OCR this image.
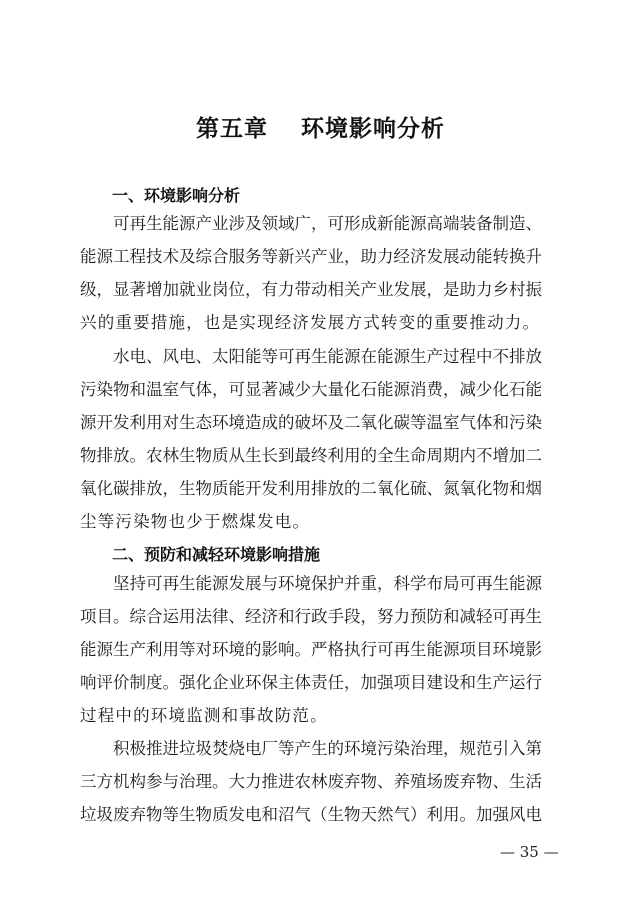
第五章　 环境影响分析
一、环境影响分析
可再生能源产业涉及领域广，可形成新能源高端装备制造、
能源工程技术及综合服务等新兴产业，助力经济发展动能转换升
级，显著增加就业岗位，有力带动相关产业发展，是助力乡村振
兴的重要措施，也是实现经济发展方式转变的重要推动力。
水电、风电、太阳能等可再生能源在能源生产过程中不排放
污染物和温室气体，可显著减少大量化石能源消费，减少化石能
源开发利用对生态环境造成的破坏及二氧化碳等温室气体和污染
物排放。农林生物质从生长到最终利用的全生命周期内不增加二
氧化碳排放，生物质能开发利用排放的二氧化硫、氮氧化物和烟
尘等污染物也少于燃煤发电。
二、预防和减轻环境影响措施
坚持可再生能源发展与环境保护并重，科学布局可再生能源
项目。综合运用法律、经济和行政手段，努力预防和减轻可再生
能源生产利用等对环境的影响。严格执行可再生能源项目环境影
响评价制度。强化企业环保主体责任，加强项目建设和生产运行
过程中的环境监测和事故防范。
积极推进垃圾焚烧电厂等产生的环境污染治理，规范引入第
三方机构参与治理。大力推进农林废弃物、养殖场废弃物、生活
垃圾废弃物等生物质发电和沼气（生物天然气）利用。加强风电
— 35 —
